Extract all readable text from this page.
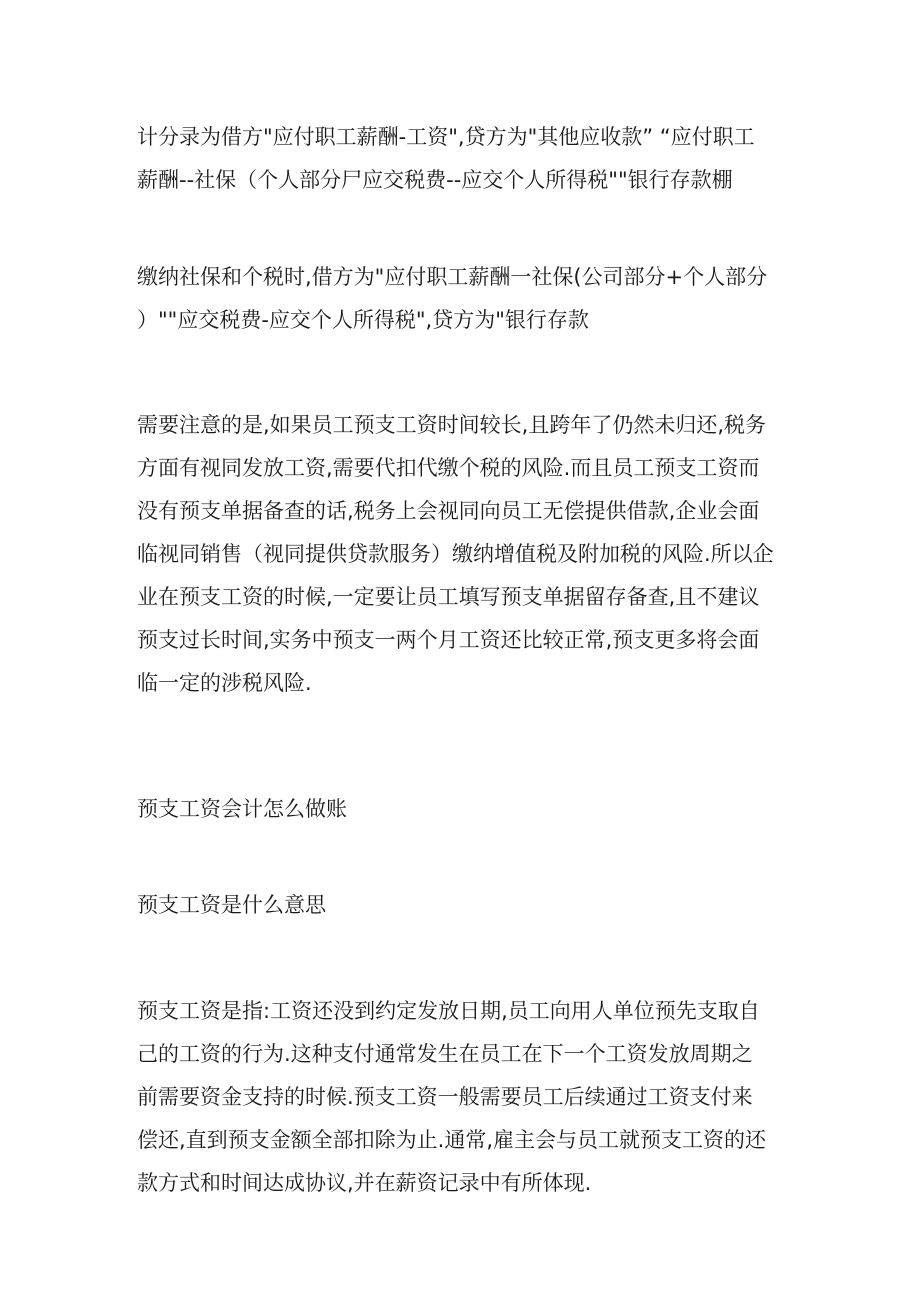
计分录为借方"应付职工薪酬-工资",贷方为"其他应收款” “应付职工
薪酬--社保（个人部分尸应交税费--应交个人所得税""银行存款棚
缴纳社保和个税时,借方为"应付职工薪酬一社保(公司部分+个人部分
）""应交税费-应交个人所得税",贷方为"银行存款
需要注意的是,如果员工预支工资时间较长,且跨年了仍然未归还,税务
方面有视同发放工资,需要代扣代缴个税的风险.而且员工预支工资而
没有预支单据备查的话,税务上会视同向员工无偿提供借款,企业会面
临视同销售（视同提供贷款服务）缴纳增值税及附加税的风险.所以企
业在预支工资的时候,一定要让员工填写预支单据留存备查,且不建议
预支过长时间,实务中预支一两个月工资还比较正常,预支更多将会面
临一定的涉税风险.
预支工资会计怎么做账
预支工资是什么意思
预支工资是指:工资还没到约定发放日期,员工向用人单位预先支取自
己的工资的行为.这种支付通常发生在员工在下一个工资发放周期之
前需要资金支持的时候.预支工资一般需要员工后续通过工资支付来
偿还,直到预支金额全部扣除为止.通常,雇主会与员工就预支工资的还
款方式和时间达成协议,并在薪资记录中有所体现.
